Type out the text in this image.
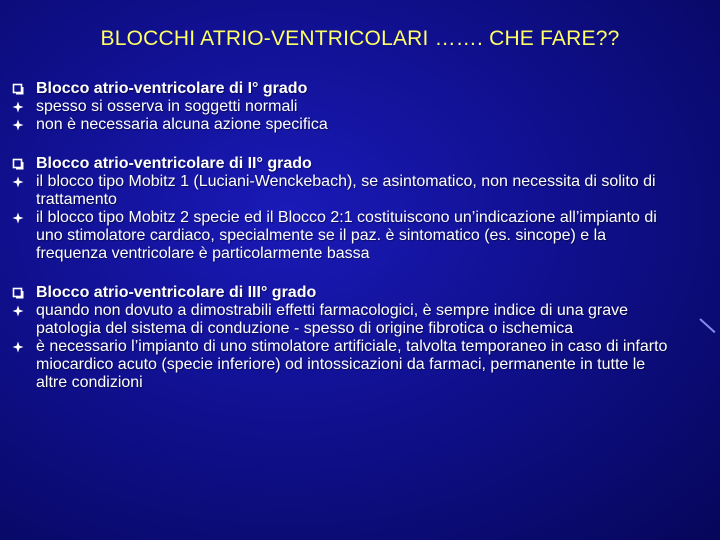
BLOCCHI ATRIO-VENTRICOLARI ……. CHE FARE??
Blocco atrio-ventricolare di I° grado
spesso si osserva in soggetti normali
non è necessaria alcuna azione specifica
Blocco atrio-ventricolare di II° grado
il blocco tipo Mobitz 1 (Luciani-Wenckebach), se asintomatico, non necessita di solito di trattamento
il blocco tipo Mobitz 2 specie ed il Blocco 2:1 costituiscono un’indicazione all’impianto di uno stimolatore cardiaco, specialmente se il paz. è sintomatico (es. sincope) e la frequenza ventricolare è particolarmente bassa
Blocco atrio-ventricolare di III° grado
quando non dovuto a dimostrabili effetti farmacologici, è sempre indice di una grave patologia del sistema di conduzione - spesso di origine fibrotica o ischemica
è necessario l’impianto di uno stimolatore artificiale, talvolta temporaneo in caso di infarto miocardico acuto (specie inferiore) od intossicazioni da farmaci, permanente in tutte le altre condizioni
